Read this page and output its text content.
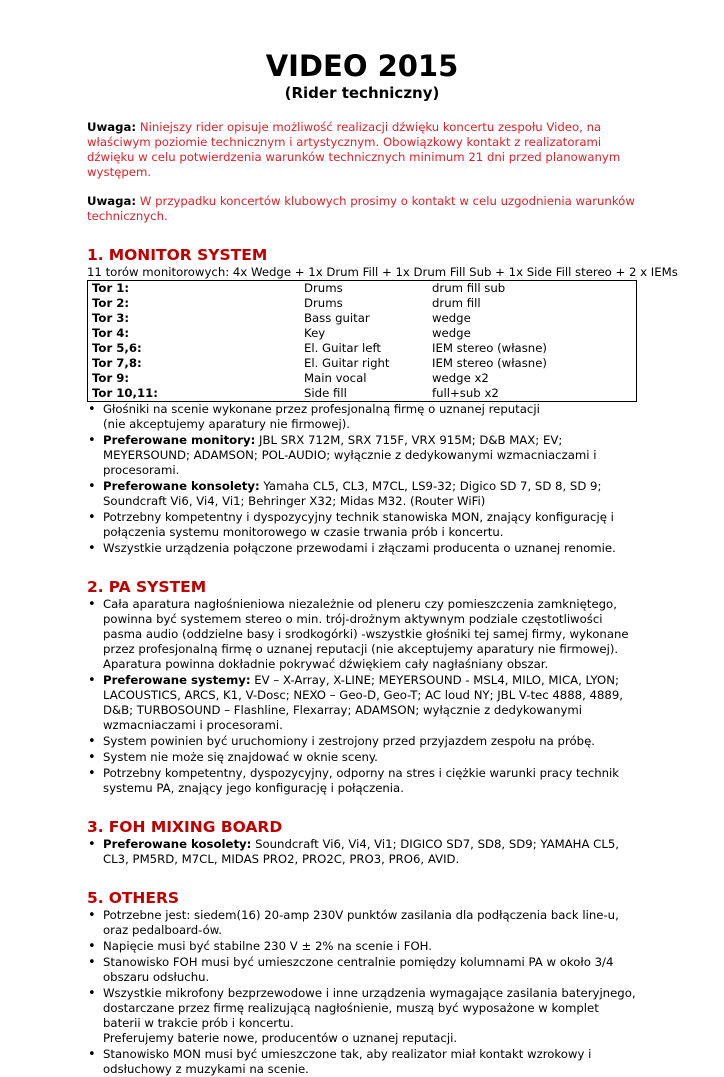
VIDEO 2015
(Rider techniczny)

Uwaga: Niniejszy rider opisuje możliwość realizacji dźwięku koncertu zespołu Video, na właściwym poziomie technicznym i artystycznym. Obowiązkowy kontakt z realizatorami dźwięku w celu potwierdzenia warunków technicznych minimum 21 dni przed planowanym występem.

Uwaga: W przypadku koncertów klubowych prosimy o kontakt w celu uzgodnienia warunków technicznych.

1. MONITOR SYSTEM

11 torów monitorowych: 4x Wedge + 1x Drum Fill + 1x Drum Fill Sub + 1x Side Fill stereo + 2 x IEMs

Tor 1:	Drums	drum fill sub
Tor 2:	Drums	drum fill
Tor 3:	Bass guitar	wedge
Tor 4:	Key	wedge
Tor 5,6:	El. Guitar left	IEM stereo (własne)
Tor 7,8:	El. Guitar right	IEM stereo (własne)
Tor 9:	Main vocal	wedge x2
Tor 10,11:	Side fill	full+sub x2
• Głośniki na scenie wykonane przez profesjonalną firmę o uznanej reputacji
(nie akceptujemy aparatury nie firmowej).
• Preferowane monitory: JBL SRX 712M, SRX 715F, VRX 915M; D&B MAX; EV; MEYERSOUND; ADAMSON; POL-AUDIO; wyłącznie z dedykowanymi wzmacniaczami i procesorami.
• Preferowane konsolety: Yamaha CL5, CL3, M7CL, LS9-32; Digico SD 7, SD 8, SD 9; Soundcraft Vi6, Vi4, Vi1; Behringer X32; Midas M32. (Router WiFi)
• Potrzebny kompetentny i dyspozycyjny technik stanowiska MON, znający konfigurację i połączenia systemu monitorowego w czasie trwania prób i koncertu.
• Wszystkie urządzenia połączone przewodami i złączami producenta o uznanej renomie.
2. PA SYSTEM
• Cała aparatura nagłośnieniowa niezależnie od pleneru czy pomieszczenia zamkniętego, powinna być systemem stereo o min. trój-drożnym aktywnym podziale częstotliwości pasma audio (oddzielne basy i srodkogórki) -wszystkie głośniki tej samej firmy, wykonane przez profesjonalną firmę o uznanej reputacji (nie akceptujemy aparatury nie firmowej). Aparatura powinna dokładnie pokrywać dźwiękiem cały nagłaśniany obszar.
• Preferowane systemy: EV – X-Array, X-LINE; MEYERSOUND - MSL4, MILO, MICA, LYON; LACOUSTICS, ARCS, K1, V-Dosc; NEXO – Geo-D, Geo-T; AC loud NY; JBL V-tec 4888, 4889, D&B; TURBOSOUND – Flashline, Flexarray; ADAMSON; wyłącznie z dedykowanymi wzmacniaczami i procesorami.
• System powinien być uruchomiony i zestrojony przed przyjazdem zespołu na próbę.
• System nie może się znajdować w oknie sceny.
• Potrzebny kompetentny, dyspozycyjny, odporny na stres i ciężkie warunki pracy technik systemu PA, znający jego konfigurację i połączenia.
3. FOH MIXING BOARD
• Preferowane kosolety: Soundcraft Vi6, Vi4, Vi1; DIGICO SD7, SD8, SD9; YAMAHA CL5, CL3, PM5RD, M7CL, MIDAS PRO2, PRO2C, PRO3, PRO6, AVID.
5. OTHERS
• Potrzebne jest: siedem(16) 20-amp 230V punktów zasilania dla podłączenia back line-u, oraz pedalboard-ów.
• Napięcie musi być stabilne 230 V ± 2% na scenie i FOH.
• Stanowisko FOH musi być umieszczone centralnie pomiędzy kolumnami PA w około 3/4 obszaru odsłuchu.
• Wszystkie mikrofony bezprzewodowe i inne urządzenia wymagające zasilania bateryjnego, dostarczane przez firmę realizującą nagłośnienie, muszą być wyposażone w komplet baterii w trakcie prób i koncertu.
Preferujemy baterie nowe, producentów o uznanej reputacji.
• Stanowisko MON musi być umieszczone tak, aby realizator miał kontakt wzrokowy i odsłuchowy z muzykami na scenie.
